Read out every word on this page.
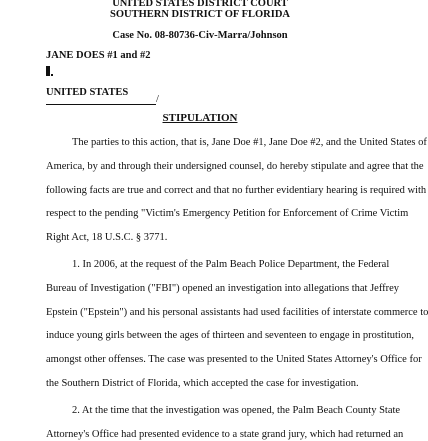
UNITED STATES DISTRICT COURT
SOUTHERN DISTRICT OF FLORIDA
Case No. 08-80736-Civ-Marra/Johnson
JANE DOES #1 and #2
UNITED STATES
/
STIPULATION
The parties to this action, that is, Jane Doe #1, Jane Doe #2, and the United States of
America, by and through their undersigned counsel, do hereby stipulate and agree that the
following facts are true and correct and that no further evidentiary hearing is required with
respect to the pending "Victim's Emergency Petition for Enforcement of Crime Victim
Right Act, 18 U.S.C. § 3771.
1. In 2006, at the request of the Palm Beach Police Department, the Federal
Bureau of Investigation ("FBI") opened an investigation into allegations that Jeffrey
Epstein ("Epstein") and his personal assistants had used facilities of interstate commerce to
induce young girls between the ages of thirteen and seventeen to engage in prostitution,
amongst other offenses. The case was presented to the United States Attorney's Office for
the Southern District of Florida, which accepted the case for investigation.
2. At the time that the investigation was opened, the Palm Beach County State
Attorney's Office had presented evidence to a state grand jury, which had returned an
